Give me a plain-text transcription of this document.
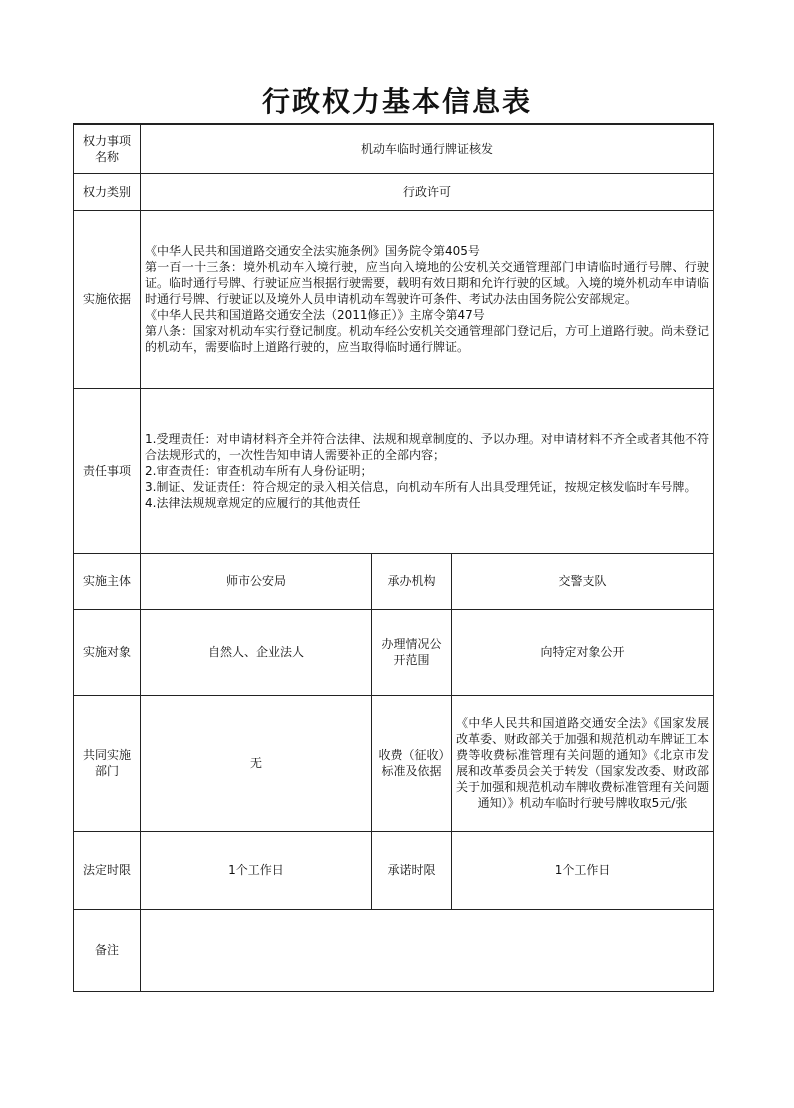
行政权力基本信息表
权力事项名称	机动车临时通行牌证核发		
权力类别	行政许可		
实施依据	《中华人民共和国道路交通安全法实施条例》国务院令第405号
第一百一十三条：境外机动车入境行驶，应当向入境地的公安机关交通管理部门申请临时通行号牌、行驶证。临时通行号牌、行驶证应当根据行驶需要，载明有效日期和允许行驶的区域。入境的境外机动车申请临时通行号牌、行驶证以及境外人员申请机动车驾驶许可条件、考试办法由国务院公安部规定。
《中华人民共和国道路交通安全法（2011修正）》主席令第47号
第八条：国家对机动车实行登记制度。机动车经公安机关交通管理部门登记后，方可上道路行驶。尚未登记的机动车，需要临时上道路行驶的，应当取得临时通行牌证。		

责任事项	1.受理责任：对申请材料齐全并符合法律、法规和规章制度的、予以办理。对申请材料不齐全或者其他不符合法规形式的，一次性告知申请人需要补正的全部内容；
2.审查责任：审查机动车所有人身份证明；
3.制证、发证责任：符合规定的录入相关信息，向机动车所有人出具受理凭证，按规定核发临时车号牌。
4.法律法规规章规定的应履行的其他责任		

实施主体	师市公安局	承办机构	交警支队
实施对象	自然人、企业法人	办理情况公开范围	向特定对象公开
共同实施部门	无	收费（征收）标准及依据	《中华人民共和国道路交通安全法》《国家发展改革委、财政部关于加强和规范机动车牌证工本费等收费标准管理有关问题的通知》《北京市发展和改革委员会关于转发（国家发改委、财政部关于加强和规范机动车牌收费标准管理有关问题通知）》机动车临时行驶号牌收取5元/张
法定时限	1个工作日	承诺时限	1个工作日
备注			
